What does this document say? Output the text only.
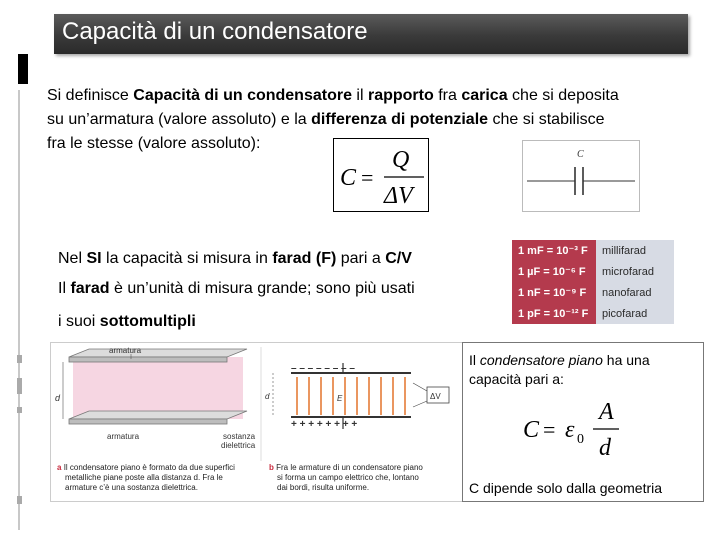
Capacità di un condensatore
Si definisce Capacità di un condensatore il rapporto fra carica che si deposita
su un’armatura (valore assoluto) e la differenza di potenziale che si stabilisce
fra le stesse (valore assoluto):
C =
Q
ΔV
C
Nel SI la capacità si misura in farad (F) pari a C/V
Il farad è un’unità di misura grande; sono più usati
i suoi sottomultipli
1 mF = 10⁻³ F	millifarad
1 µF = 10⁻⁶ F	microfarad
1 nF = 10⁻⁹ F	nanofarad
1 pF = 10⁻¹² F	picofarad
d
armatura
armatura	sostanza
dielettrica
– – – – – – – –
+ + + + + + + +
E
d	ΔV
a Il condensatore piano è formato da due superfici
metalliche piane poste alla distanza d. Fra le
armature c’è una sostanza dielettrica.
b Fra le armature di un condensatore piano
si forma un campo elettrico che, lontano
dai bordi, risulta uniforme.
Il condensatore piano ha una
capacità pari a:
C = ε 0
A
d
C dipende solo dalla geometria
